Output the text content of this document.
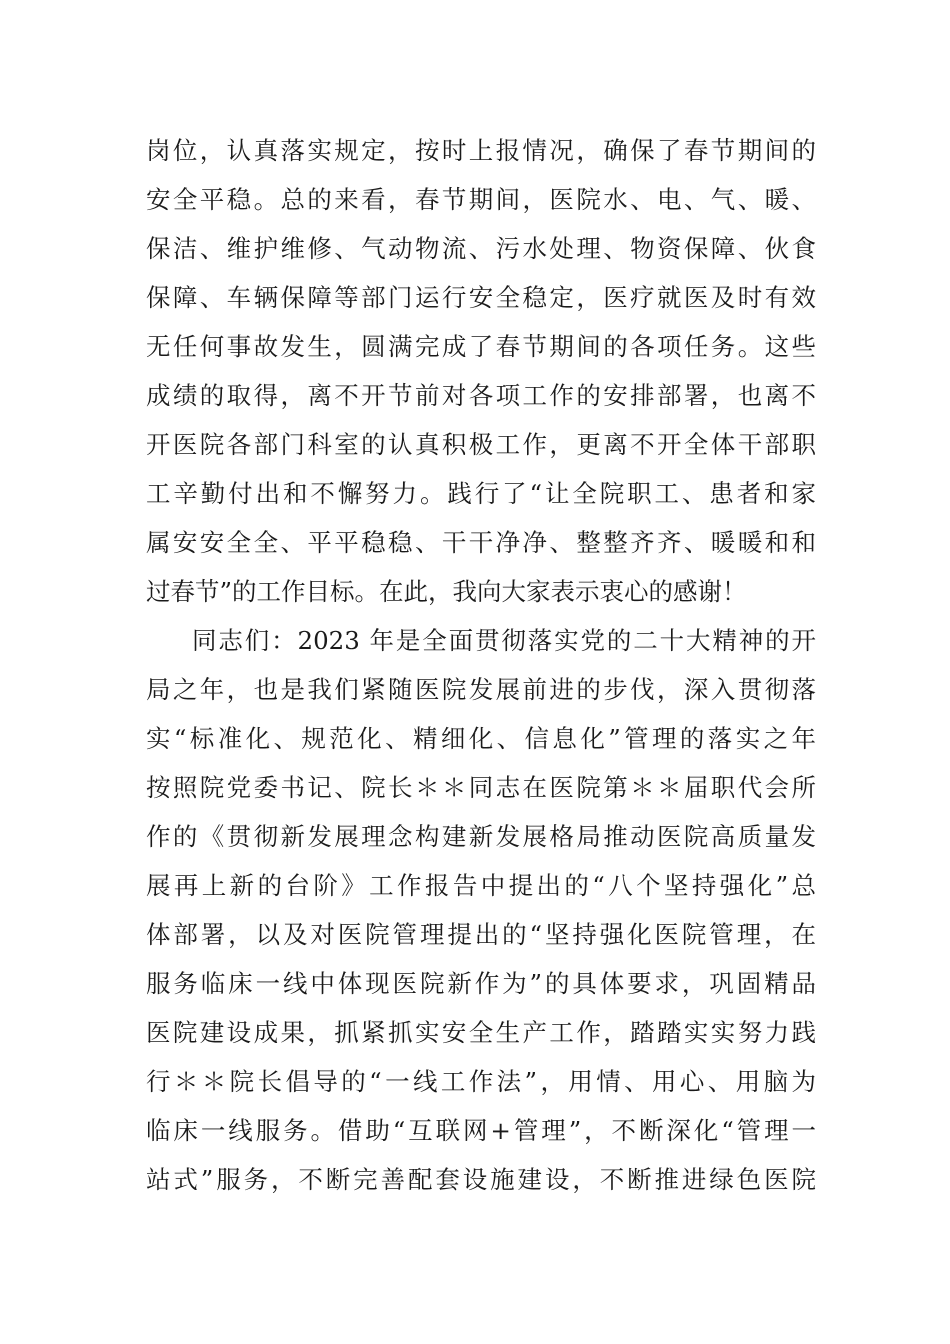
岗位，认真落实规定，按时上报情况，确保了春节期间的
安全平稳。总的来看，春节期间，医院水、电、气、暖、
保洁、维护维修、气动物流、污水处理、物资保障、伙食
保障、车辆保障等部门运行安全稳定，医疗就医及时有效
无任何事故发生，圆满完成了春节期间的各项任务。这些
成绩的取得，离不开节前对各项工作的安排部署，也离不
开医院各部门科室的认真积极工作，更离不开全体干部职
工辛勤付出和不懈努力。践行了“让全院职工、患者和家
属安安全全、平平稳稳、干干净净、整整齐齐、暖暖和和
过春节”的工作目标。在此，我向大家表示衷心的感谢！
同志们：2023 年是全面贯彻落实党的二十大精神的开
局之年，也是我们紧随医院发展前进的步伐，深入贯彻落
实“标准化、规范化、精细化、信息化”管理的落实之年
按照院党委书记、院长＊＊同志在医院第＊＊届职代会所
作的《贯彻新发展理念构建新发展格局推动医院高质量发
展再上新的台阶》工作报告中提出的“八个坚持强化”总
体部署，以及对医院管理提出的“坚持强化医院管理，在
服务临床一线中体现医院新作为”的具体要求，巩固精品
医院建设成果，抓紧抓实安全生产工作，踏踏实实努力践
行＊＊院长倡导的“一线工作法”，用情、用心、用脑为
临床一线服务。借助“互联网+管理”，不断深化“管理一
站式”服务，不断完善配套设施建设，不断推进绿色医院
